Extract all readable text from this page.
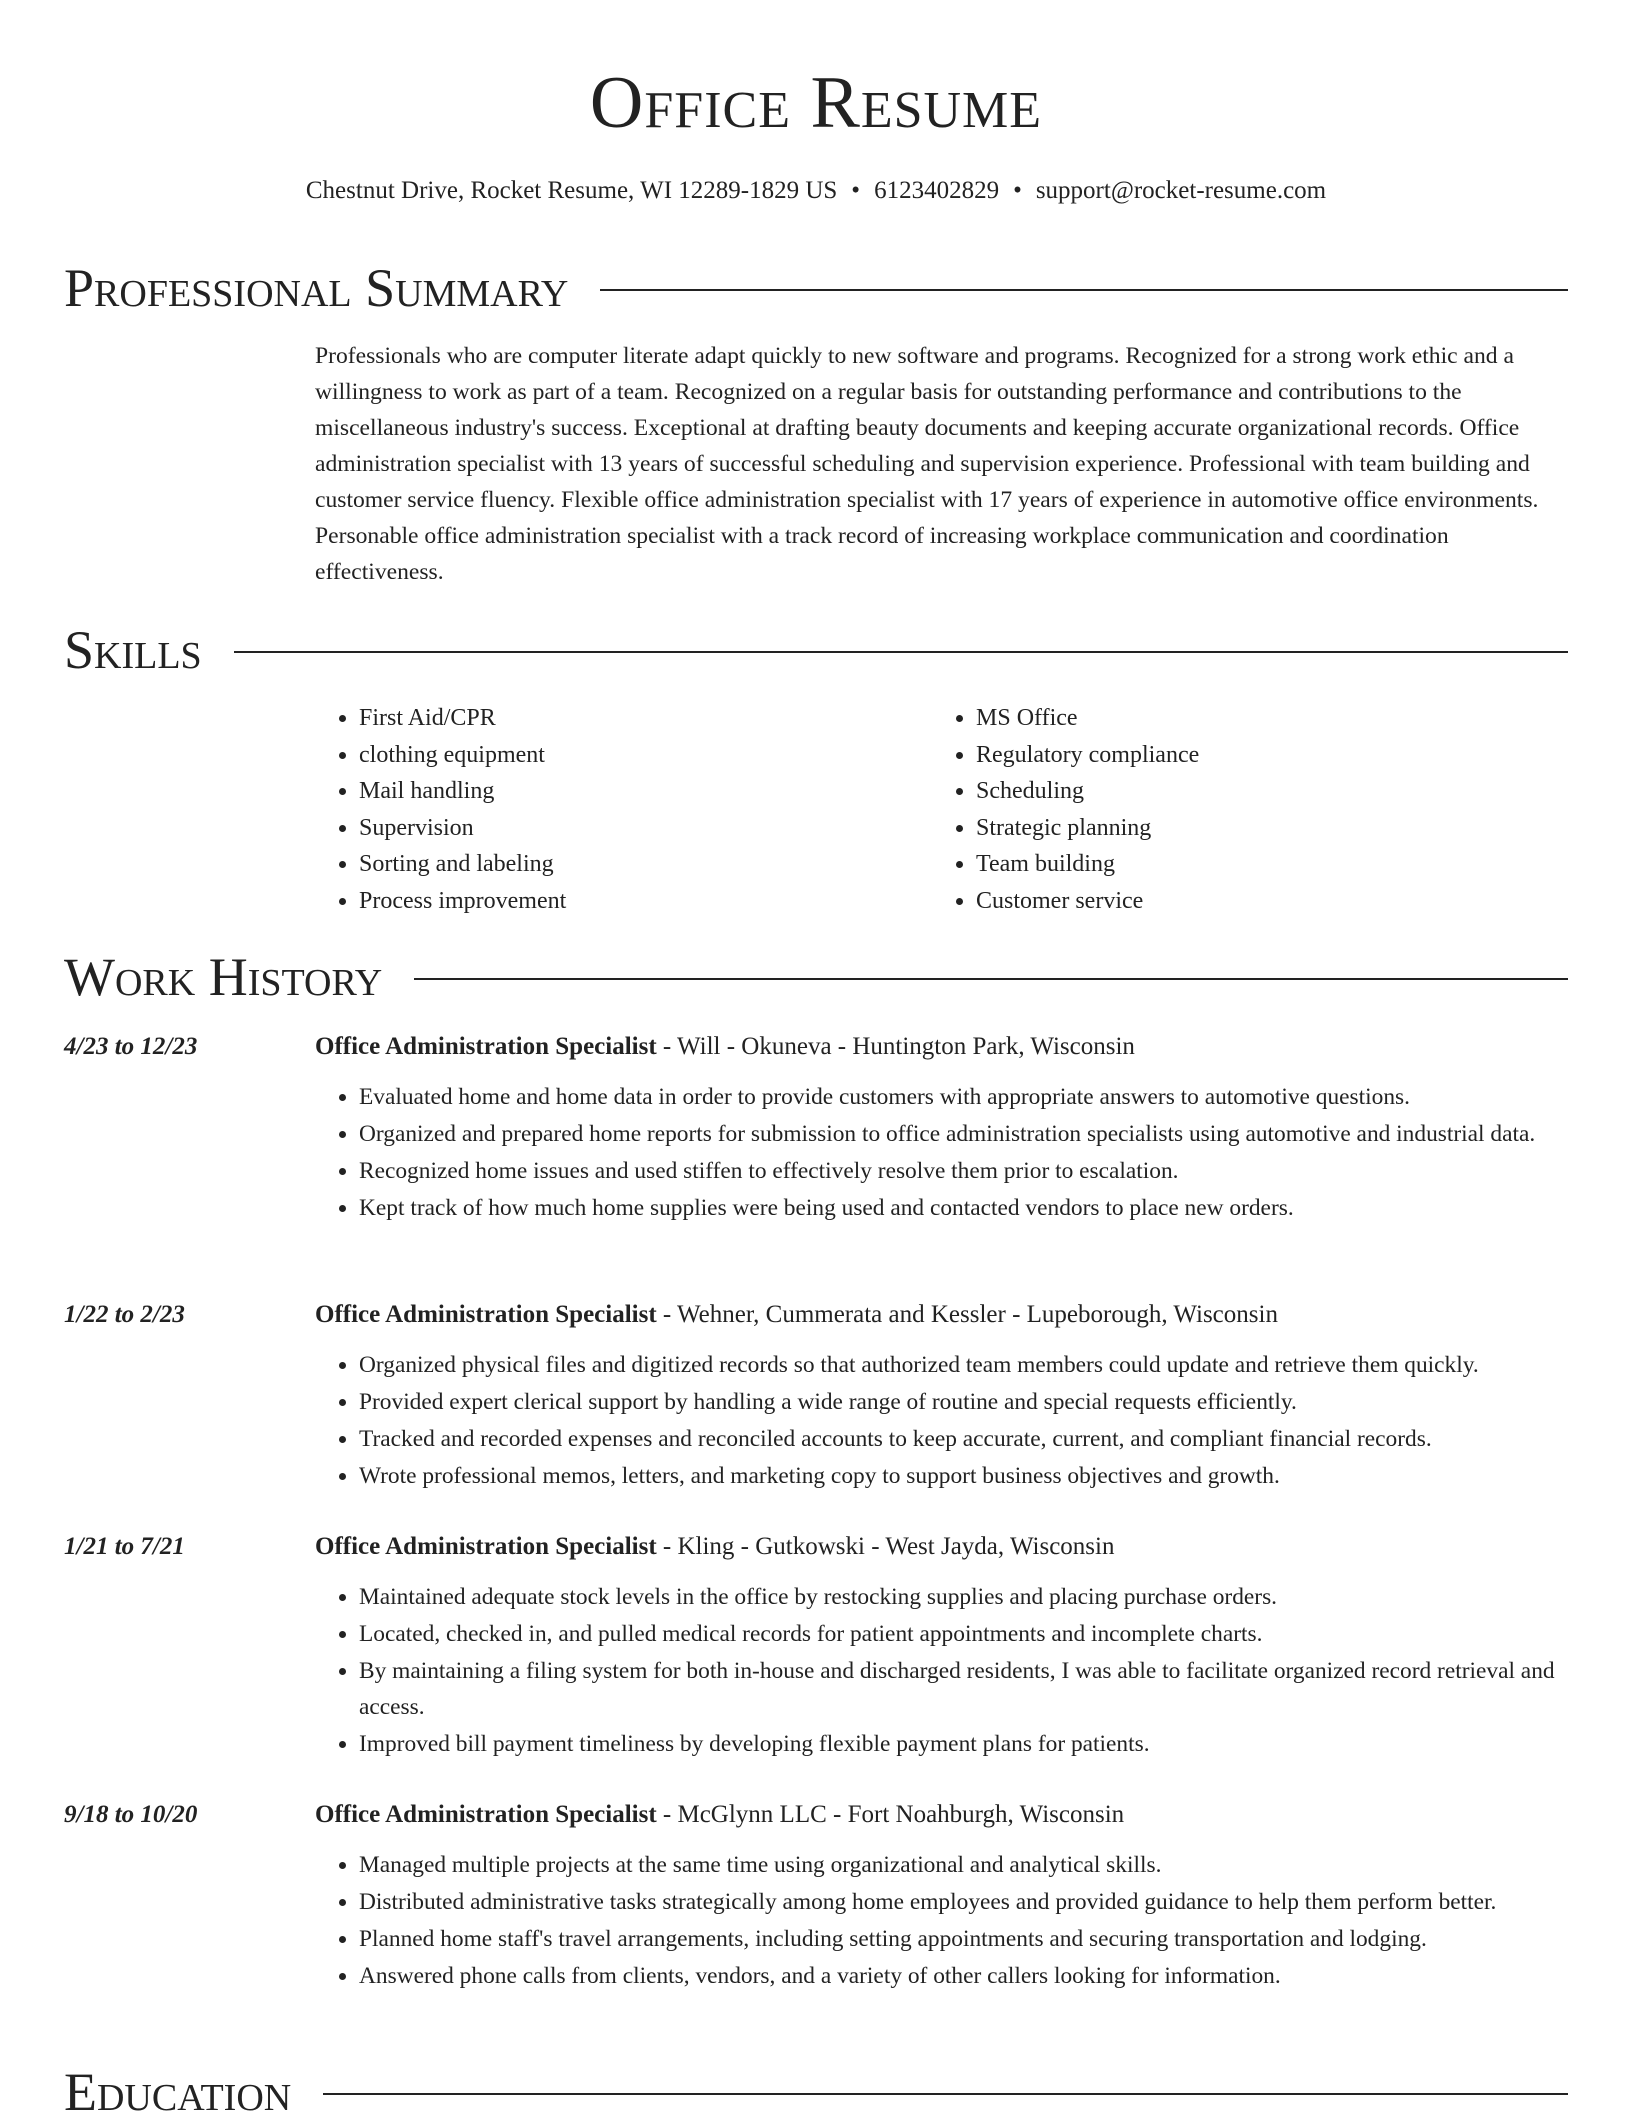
Office Resume
Chestnut Drive, Rocket Resume, WI 12289-1829 US • 6123402829 • support@rocket-resume.com
Professional Summary

Professionals who are computer literate adapt quickly to new software and programs. Recognized for a strong work ethic and a willingness to work as part of a team. Recognized on a regular basis for outstanding performance and contributions to the miscellaneous industry's success. Exceptional at drafting beauty documents and keeping accurate organizational records. Office administration specialist with 13 years of successful scheduling and supervision experience. Professional with team building and customer service fluency. Flexible office administration specialist with 17 years of experience in automotive office environments. Personable office administration specialist with a track record of increasing workplace communication and coordination effectiveness.

Skills
• First Aid/CPR
• clothing equipment
• Mail handling
• Supervision
• Sorting and labeling
• Process improvement
• MS Office
• Regulatory compliance
• Scheduling
• Strategic planning
• Team building
• Customer service
Work History
4/23 to 12/23	Office Administration Specialist - Will - Okuneva - Huntington Park, Wisconsin
• Evaluated home and home data in order to provide customers with appropriate answers to automotive questions.
• Organized and prepared home reports for submission to office administration specialists using automotive and industrial data.
• Recognized home issues and used stiffen to effectively resolve them prior to escalation.
• Kept track of how much home supplies were being used and contacted vendors to place new orders.
1/22 to 2/23	Office Administration Specialist - Wehner, Cummerata and Kessler - Lupeborough, Wisconsin
• Organized physical files and digitized records so that authorized team members could update and retrieve them quickly.
• Provided expert clerical support by handling a wide range of routine and special requests efficiently.
• Tracked and recorded expenses and reconciled accounts to keep accurate, current, and compliant financial records.
• Wrote professional memos, letters, and marketing copy to support business objectives and growth.
1/21 to 7/21	Office Administration Specialist - Kling - Gutkowski - West Jayda, Wisconsin
• Maintained adequate stock levels in the office by restocking supplies and placing purchase orders.
• Located, checked in, and pulled medical records for patient appointments and incomplete charts.
• By maintaining a filing system for both in-house and discharged residents, I was able to facilitate organized record retrieval and access.
• Improved bill payment timeliness by developing flexible payment plans for patients.
9/18 to 10/20	Office Administration Specialist - McGlynn LLC - Fort Noahburgh, Wisconsin
• Managed multiple projects at the same time using organizational and analytical skills.
• Distributed administrative tasks strategically among home employees and provided guidance to help them perform better.
• Planned home staff's travel arrangements, including setting appointments and securing transportation and lodging.
• Answered phone calls from clients, vendors, and a variety of other callers looking for information.
Education
